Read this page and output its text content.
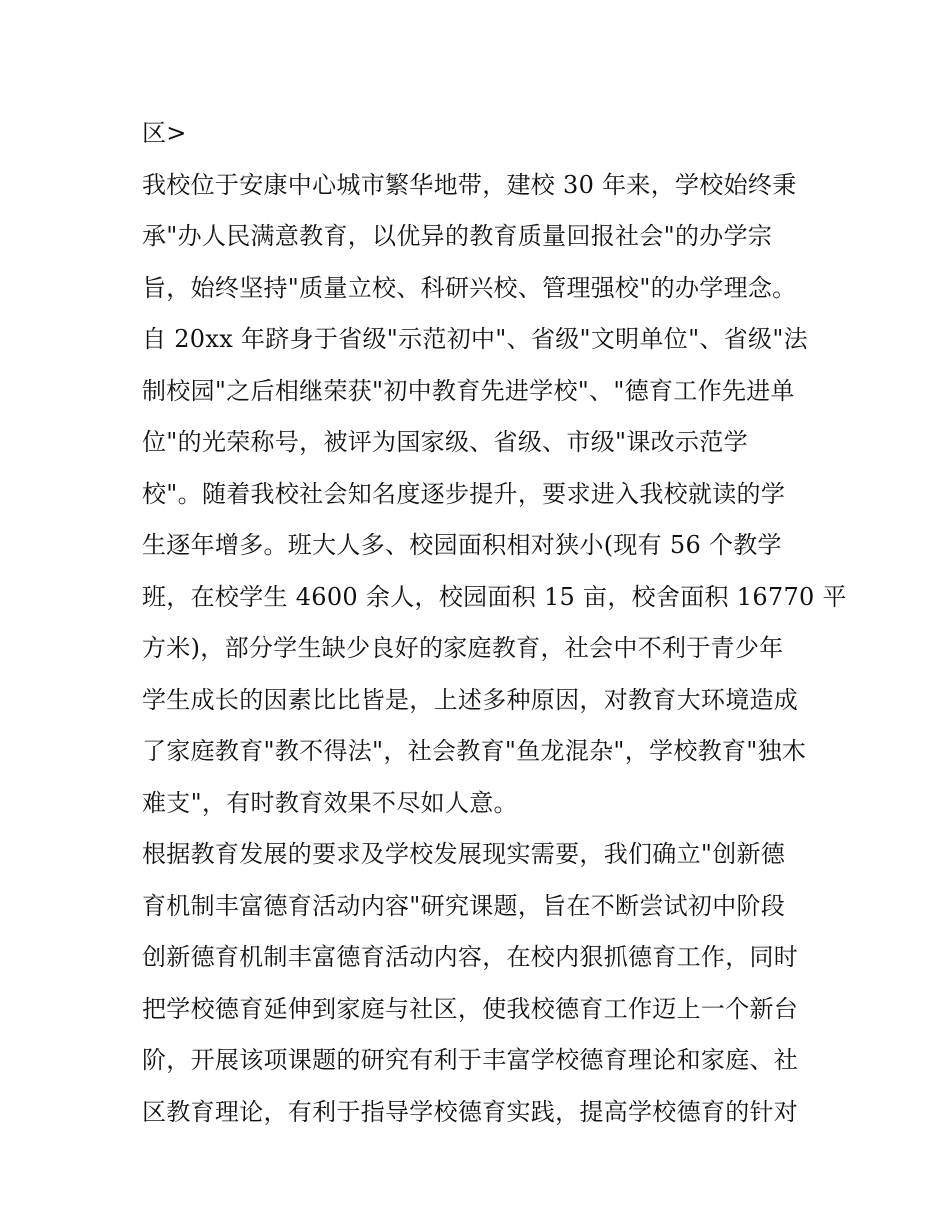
区>
我校位于安康中心城市繁华地带，建校 30 年来，学校始终秉
承"办人民满意教育，以优异的教育质量回报社会"的办学宗
旨，始终坚持"质量立校、科研兴校、管理强校"的办学理念。
自 20xx 年跻身于省级"示范初中"、省级"文明单位"、省级"法
制校园"之后相继荣获"初中教育先进学校"、"德育工作先进单
位"的光荣称号，被评为国家级、省级、市级"课改示范学
校"。随着我校社会知名度逐步提升，要求进入我校就读的学
生逐年增多。班大人多、校园面积相对狭小(现有 56 个教学
班，在校学生 4600 余人，校园面积 15 亩，校舍面积 16770 平
方米)，部分学生缺少良好的家庭教育，社会中不利于青少年
学生成长的因素比比皆是，上述多种原因，对教育大环境造成
了家庭教育"教不得法"，社会教育"鱼龙混杂"，学校教育"独木
难支"，有时教育效果不尽如人意。
根据教育发展的要求及学校发展现实需要，我们确立"创新德
育机制丰富德育活动内容"研究课题，旨在不断尝试初中阶段
创新德育机制丰富德育活动内容，在校内狠抓德育工作，同时
把学校德育延伸到家庭与社区，使我校德育工作迈上一个新台
阶，开展该项课题的研究有利于丰富学校德育理论和家庭、社
区教育理论，有利于指导学校德育实践，提高学校德育的针对
